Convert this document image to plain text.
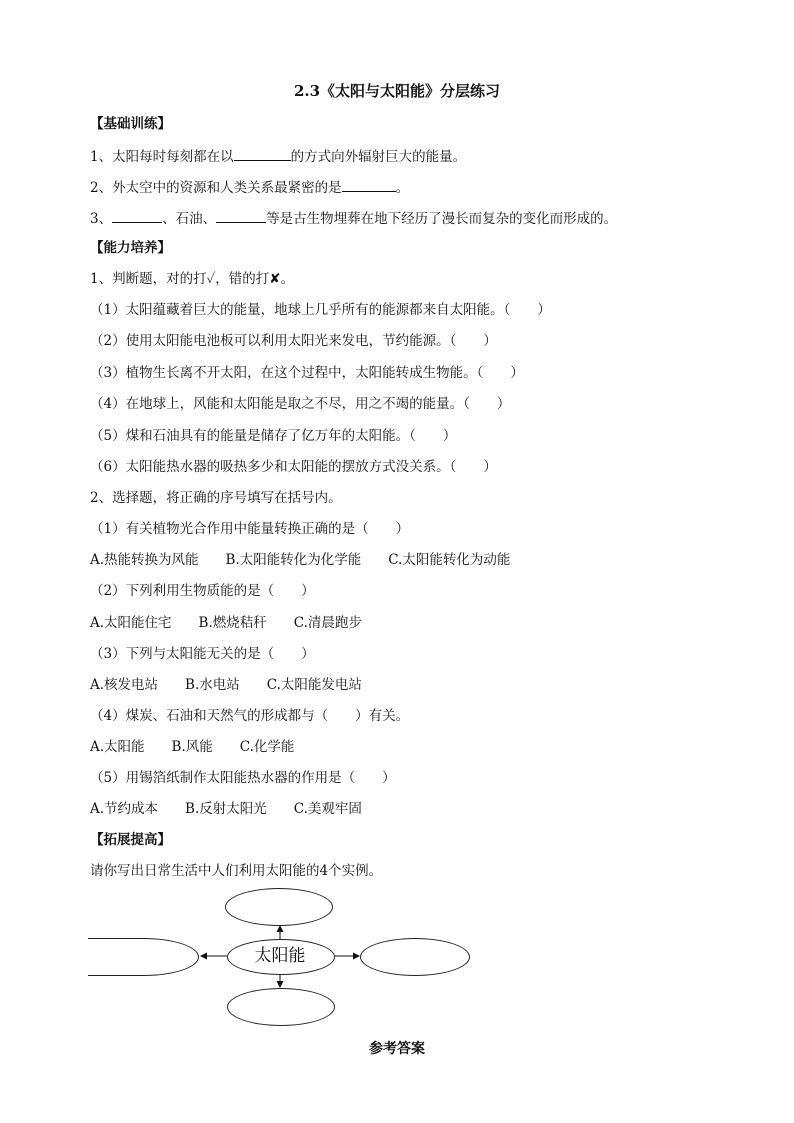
2.3《太阳与太阳能》分层练习
【基础训练】
1、太阳每时每刻都在以	的方式向外辐射巨大的能量。
2、外太空中的资源和人类关系最紧密的是	。
3、	、石油、	等是古生物埋葬在地下经历了漫长而复杂的变化而形成的。
【能力培养】
1、判断题，对的打✓，错的打✘。
（1）太阳蕴藏着巨大的能量，地球上几乎所有的能源都来自太阳能。（　　）
（2）使用太阳能电池板可以利用太阳光来发电，节约能源。（　　）
（3）植物生长离不开太阳，在这个过程中，太阳能转成生物能。（　　）
（4）在地球上，风能和太阳能是取之不尽，用之不竭的能量。（　　）
（5）煤和石油具有的能量是储存了亿万年的太阳能。（　　）
（6）太阳能热水器的吸热多少和太阳能的摆放方式没关系。（　　）
2、选择题，将正确的序号填写在括号内。
（1）有关植物光合作用中能量转换正确的是（　　）
A.热能转换为风能　　B.太阳能转化为化学能　　C.太阳能转化为动能
（2）下列利用生物质能的是（　　）
A.太阳能住宅　　B.燃烧秸秆　　C.清晨跑步
（3）下列与太阳能无关的是（　　）
A.核发电站　　B.水电站　　C.太阳能发电站
（4）煤炭、石油和天然气的形成都与（　　）有关。
A.太阳能　　B.风能　　C.化学能
（5）用锡箔纸制作太阳能热水器的作用是（　　）
A.节约成本　　B.反射太阳光　　C.美观牢固
【拓展提高】
请你写出日常生活中人们利用太阳能的4个实例。
太阳能
参考答案
